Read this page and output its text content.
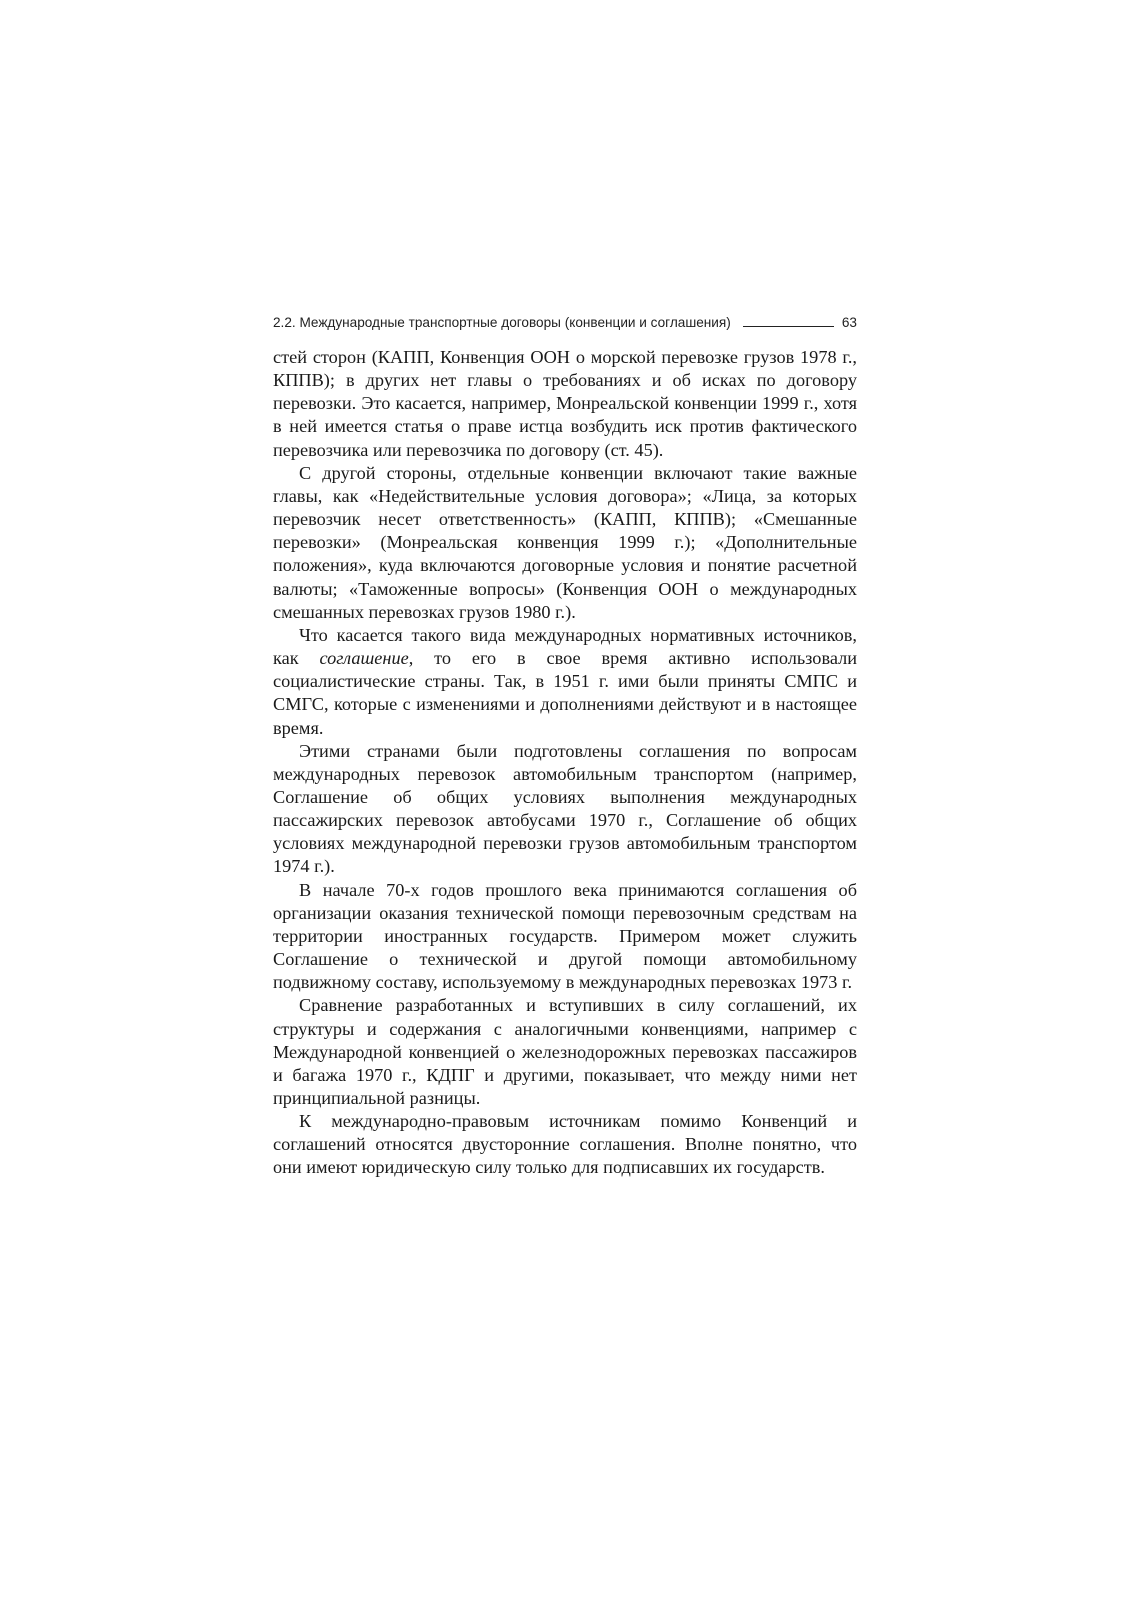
2.2. Международные транспортные договоры (конвенции и соглашения)	63

стей сторон (КАПП, Конвенция ООН о морской перевозке грузов 1978 г., КППВ); в других нет главы о требованиях и об исках по договору перевозки. Это касается, например, Монреальской конвенции 1999 г., хотя в ней имеется статья о праве истца возбудить иск против фактического перевозчика или перевозчика по договору (ст. 45).

С другой стороны, отдельные конвенции включают такие важные главы, как «Недействительные условия договора»; «Лица, за которых перевозчик несет ответственность» (КАПП, КППВ); «Смешанные перевозки» (Монреальская конвенция 1999 г.); «Дополнительные положения», куда включаются договорные условия и понятие расчетной валюты; «Таможенные вопросы» (Конвенция ООН о международных смешанных перевозках грузов 1980 г.).

Что касается такого вида международных нормативных источников, как соглашение, то его в свое время активно использовали социалистические страны. Так, в 1951 г. ими были приняты СМПС и СМГС, которые с изменениями и дополнениями действуют и в настоящее время.

Этими странами были подготовлены соглашения по вопросам международных перевозок автомобильным транспортом (например, Соглашение об общих условиях выполнения международных пассажирских перевозок автобусами 1970 г., Соглашение об общих условиях международной перевозки грузов автомобильным транспортом 1974 г.).

В начале 70-х годов прошлого века принимаются соглашения об организации оказания технической помощи перевозочным средствам на территории иностранных государств. Примером может служить Соглашение о технической и другой помощи автомобильному подвижному составу, используемому в международных перевозках 1973 г.

Сравнение разработанных и вступивших в силу соглашений, их структуры и содержания с аналогичными конвенциями, например с Международной конвенцией о железнодорожных перевозках пассажиров и багажа 1970 г., КДПГ и другими, показывает, что между ними нет принципиальной разницы.

К международно-правовым источникам помимо Конвенций и соглашений относятся двусторонние соглашения. Вполне понятно, что они имеют юридическую силу только для подписавших их государств.
